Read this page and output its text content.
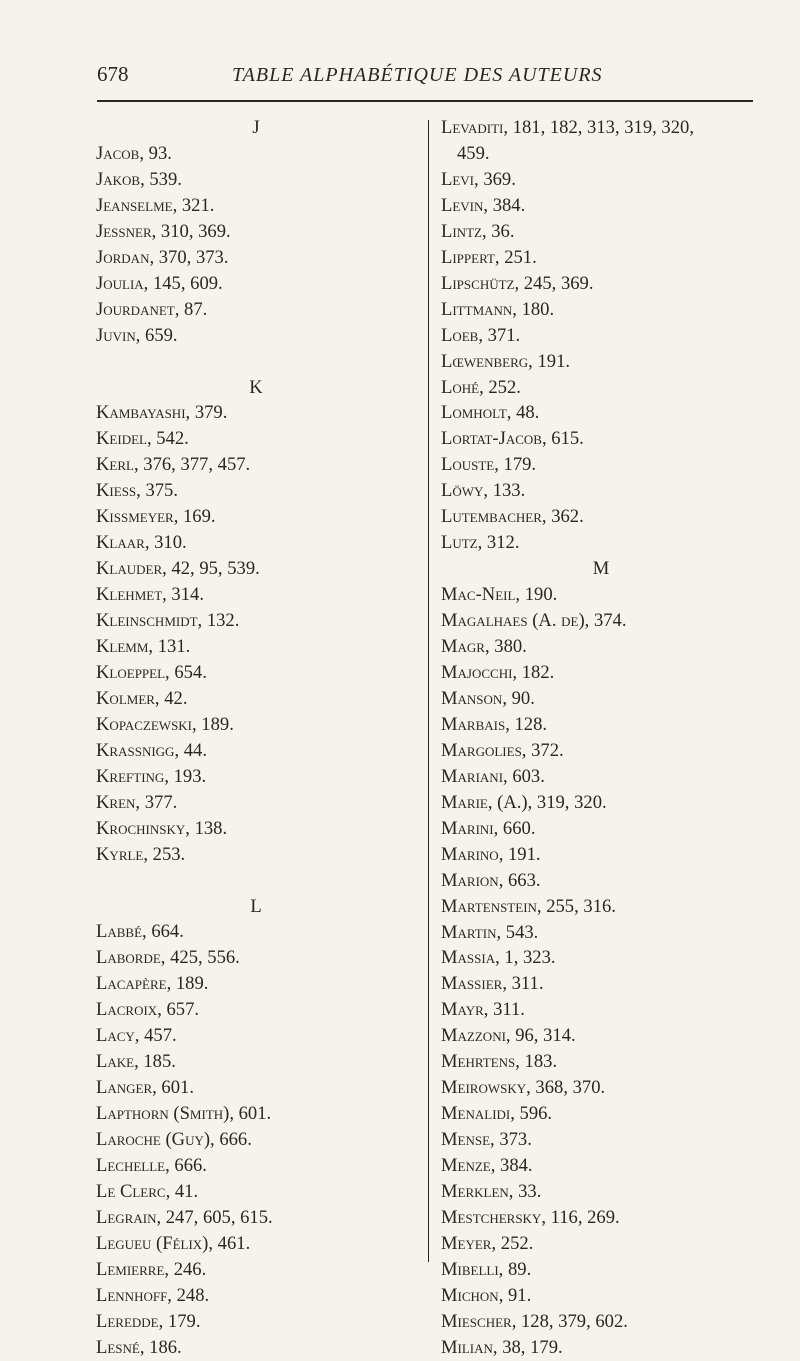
678	TABLE ALPHABÉTIQUE DES AUTEURS
J
Jacob, 93.
Jakob, 539.
Jeanselme, 321.
Jessner, 310, 369.
Jordan, 370, 373.
Joulia, 145, 609.
Jourdanet, 87.
Juvin, 659.
K
Kambayashi, 379.
Keidel, 542.
Kerl, 376, 377, 457.
Kiess, 375.
Kissmeyer, 169.
Klaar, 310.
Klauder, 42, 95, 539.
Klehmet, 314.
Kleinschmidt, 132.
Klemm, 131.
Kloeppel, 654.
Kolmer, 42.
Kopaczewski, 189.
Krassnigg, 44.
Krefting, 193.
Kren, 377.
Krochinsky, 138.
Kyrle, 253.
L
Labbé, 664.
Laborde, 425, 556.
Lacapère, 189.
Lacroix, 657.
Lacy, 457.
Lake, 185.
Langer, 601.
Lapthorn (Smith), 601.
Laroche (Guy), 666.
Lechelle, 666.
Le Clerc, 41.
Legrain, 247, 605, 615.
Legueu (Félix), 461.
Lemierre, 246.
Lennhoff, 248.
Leredde, 179.
Lesné, 186.
Levaditi, 181, 182, 313, 319, 320,
459.
Levi, 369.
Levin, 384.
Lintz, 36.
Lippert, 251.
Lipschütz, 245, 369.
Littmann, 180.
Loeb, 371.
Lœwenberg, 191.
Lohé, 252.
Lomholt, 48.
Lortat-Jacob, 615.
Louste, 179.
Löwy, 133.
Lutembacher, 362.
Lutz, 312.
M
Mac-Neil, 190.
Magalhaes (A. de), 374.
Magr, 380.
Majocchi, 182.
Manson, 90.
Marbais, 128.
Margolies, 372.
Mariani, 603.
Marie, (A.), 319, 320.
Marini, 660.
Marino, 191.
Marion, 663.
Martenstein, 255, 316.
Martin, 543.
Massia, 1, 323.
Massier, 311.
Mayr, 311.
Mazzoni, 96, 314.
Mehrtens, 183.
Meirowsky, 368, 370.
Menalidi, 596.
Mense, 373.
Menze, 384.
Merklen, 33.
Mestchersky, 116, 269.
Meyer, 252.
Mibelli, 89.
Michon, 91.
Miescher, 128, 379, 602.
Milian, 38, 179.
